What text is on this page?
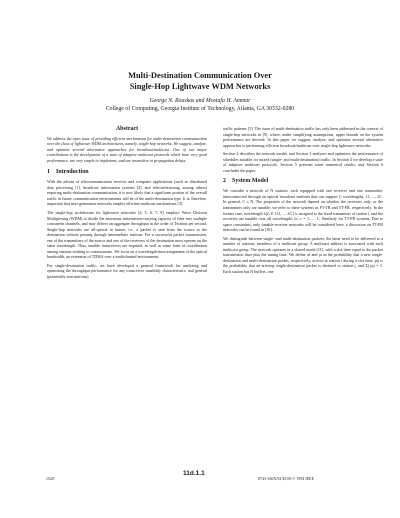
Multi-Destination Communication Over
Single-Hop Lightwave WDM Networks
George N. Rouskas and Mostafa H. Ammar
College of Computing, Georgia Institute of Technology, Atlanta, GA 30332-0280
Abstract

We address the open issue of providing efficient mechanisms for multi-destination communication over the class of lightwave WDM architectures, namely, single-hop networks. We suggest, analyze, and optimize several alternative approaches for broadcast/multicast. One of our major contributions is the development of a suite of adaptive multicast protocols which have very good performance, are very simple to implement, and are insensitive to propagation delays.

1 Introduction

With the advent of telecommunication services and computer applications (such as distributed data processing [1], broadcast information systems [2], and teleconferencing, among others) requiring multi-destination communication, it is now likely that a significant portion of the overall traffic in future communication environments will be of the multi-destination type. It is, therefore, important that next-generation networks employ efficient multicast mechanisms [3].

The single-hop architecture for lightwave networks [4, 5, 6, 7, 8] employs Wave Division Multiplexing (WDM) to divide the enormous information-carrying capacity of fiber into multiple concurrent channels, and may deliver an aggregate throughput in the order of Terabits per second. Single-hop networks are all-optical in nature, i.e., a packet is sent from the source to the destination without passing through intermediate stations. For a successful packet transmission, one of the transmitters of the source and one of the receivers of the destination must operate on the same wavelength. Thus, tunable transceivers are required, as well as some form of coordination among stations wishing to communicate. We focus on a wavelength-time assignment of the optical bandwidth, an extension of TDMA over a multichannel environment.

For single-destination traffic, we have developed a general framework for analyzing and optimizing the throughput performance for any transceiver tunability characteristics, and general (potentially non-uniform)

traffic patterns [5]. The issue of multi-destination traffic has only been addressed in the context of single-hop networks in [9], where, under simplifying assumptions, upper bounds on the system performance are derived. In this paper we suggest, analyze, and optimize several alternative approaches to performing efficient broadcast/multicast over single-hop lightwave networks.

Section 2 describes the network model, and Section 3 analyzes and optimizes the performance of schedules suitable for mixed (single- and multi-destination) traffic. In Section 4 we develop a suite of adaptive multicast protocols. Section 5 presents some numerical results, and Section 6 concludes the paper.

2 System Model

We consider a network of N stations, each equipped with one receiver and one transmitter, interconnected through an optical broadcast medium that can support C wavelengths, λ1, ..., λC. In general, C ≤ N. The properties of the network depend on whether the receivers only, or the transmitters only are tunable; we refer to these systems as FT-TR and TT-FR, respectively. In the former case, wavelength λ(i) ∈ {λ1, ..., λC} is assigned to the fixed transmitter of station i, and the receivers are tunable over all wavelengths λc, c = 1, ..., C. Similarly for TT-FR systems. Due to space constraints, only tunable-receiver networks will be considered here; a discussion on TT-FR networks can be found in [10].

We distinguish between single- and multi-destination packets; the latter need to be delivered to a number of stations, members of a multicast group. A multicast address is associated with each multicast group. The network operates in a slotted mode [11], with a slot time equal to the packet transmission time plus the tuning time. We define σi and ρi as the probability that a new single-destination and multi-destination packet, respectively, arrives at station i during a slot time. pij is the probability that an arriving single-destination packet is destined to station j, and Σj pij = 1. Each station has N buffers, one

1520
11d.1.1
0743-166X/94 $3.00 © 1994 IEEE
